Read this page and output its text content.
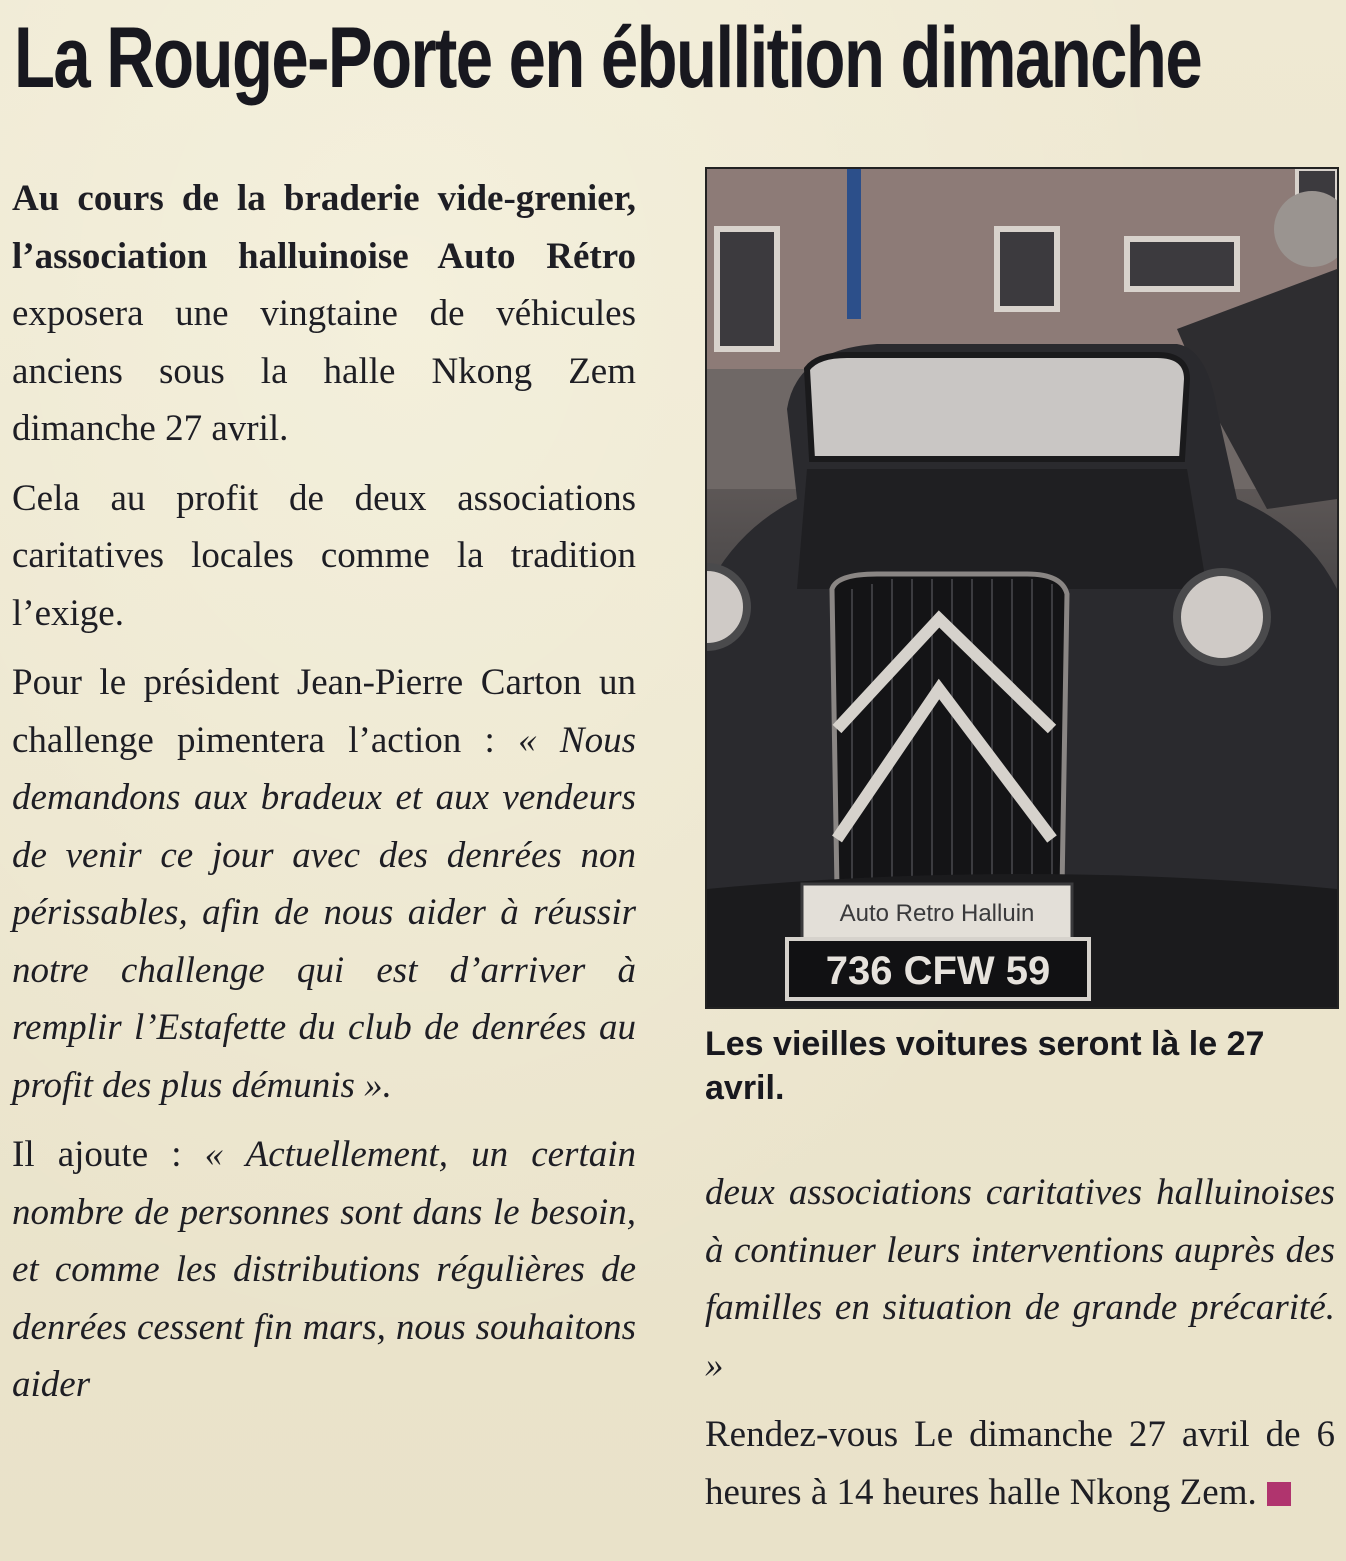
La Rouge-Porte en ébullition dimanche

Au cours de la braderie vide-grenier, l’association halluinoise Auto Rétro exposera une vingtaine de véhicules anciens sous la halle Nkong Zem dimanche 27 avril.

Cela au profit de deux associations caritatives locales comme la tradition l’exige.

Pour le président Jean-Pierre Carton un challenge pimentera l’action : « Nous demandons aux bradeux et aux vendeurs de venir ce jour avec des denrées non périssables, afin de nous aider à réussir notre challenge qui est d’arriver à remplir l’Estafette du club de denrées au profit des plus démunis ».

Il ajoute : « Actuellement, un certain nombre de personnes sont dans le besoin, et comme les distributions régulières de denrées cessent fin mars, nous souhaitons aider

Auto Retro Halluin
736 CFW 59

Les vieilles voitures seront là le 27 avril.

deux associations caritatives halluinoises à continuer leurs interventions auprès des familles en situation de grande précarité. »

Rendez-vous Le dimanche 27 avril de 6 heures à 14 heures halle Nkong Zem.
